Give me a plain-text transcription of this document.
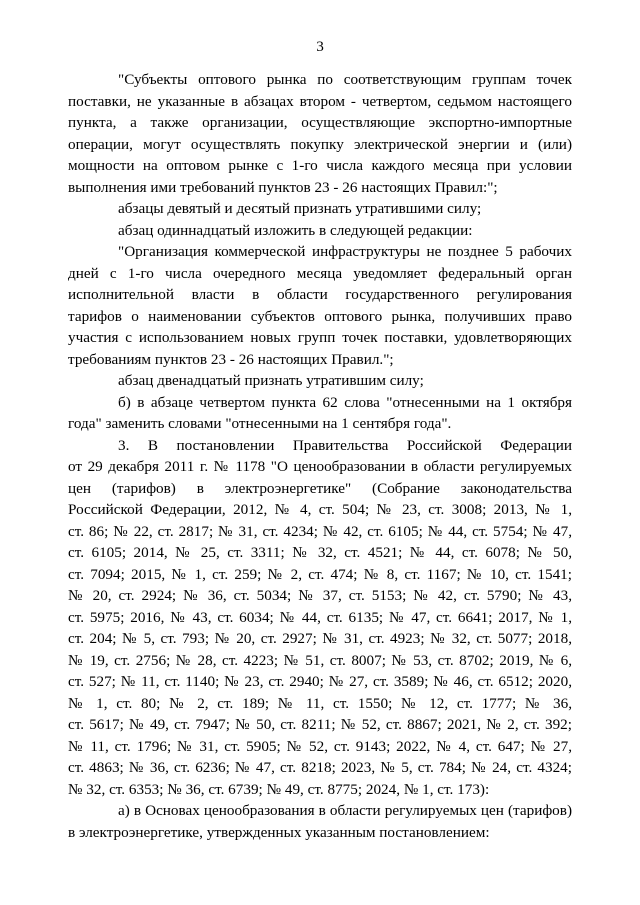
3
"Субъекты оптового рынка по соответствующим группам точек
поставки, не указанные в абзацах втором - четвертом, седьмом настоящего
пункта, а также организации, осуществляющие экспортно-импортные
операции, могут осуществлять покупку электрической энергии и (или)
мощности на оптовом рынке с 1-го числа каждого месяца при условии
выполнения ими требований пунктов 23 - 26 настоящих Правил:";
абзацы девятый и десятый признать утратившими силу;
абзац одиннадцатый изложить в следующей редакции:
"Организация коммерческой инфраструктуры не позднее 5 рабочих
дней с 1-го числа очередного месяца уведомляет федеральный орган
исполнительной власти в области государственного регулирования
тарифов о наименовании субъектов оптового рынка, получивших право
участия с использованием новых групп точек поставки, удовлетворяющих
требованиям пунктов 23 - 26 настоящих Правил.";
абзац двенадцатый признать утратившим силу;
б) в абзаце четвертом пункта 62 слова "отнесенными на 1 октября
года" заменить словами "отнесенными на 1 сентября года".
3. В постановлении Правительства Российской Федерации
от 29 декабря 2011 г. № 1178 "О ценообразовании в области регулируемых
цен (тарифов) в электроэнергетике" (Собрание законодательства
Российской Федерации, 2012, № 4, ст. 504; № 23, ст. 3008; 2013, № 1,
ст. 86; № 22, ст. 2817; № 31, ст. 4234; № 42, ст. 6105; № 44, ст. 5754; № 47,
ст. 6105; 2014, № 25, ст. 3311; № 32, ст. 4521; № 44, ст. 6078; № 50,
ст. 7094; 2015, № 1, ст. 259; № 2, ст. 474; № 8, ст. 1167; № 10, ст. 1541;
№ 20, ст. 2924; № 36, ст. 5034; № 37, ст. 5153; № 42, ст. 5790; № 43,
ст. 5975; 2016, № 43, ст. 6034; № 44, ст. 6135; № 47, ст. 6641; 2017, № 1,
ст. 204; № 5, ст. 793; № 20, ст. 2927; № 31, ст. 4923; № 32, ст. 5077; 2018,
№ 19, ст. 2756; № 28, ст. 4223; № 51, ст. 8007; № 53, ст. 8702; 2019, № 6,
ст. 527; № 11, ст. 1140; № 23, ст. 2940; № 27, ст. 3589; № 46, ст. 6512; 2020,
№ 1, ст. 80; № 2, ст. 189; № 11, ст. 1550; № 12, ст. 1777; № 36,
ст. 5617; № 49, ст. 7947; № 50, ст. 8211; № 52, ст. 8867; 2021, № 2, ст. 392;
№ 11, ст. 1796; № 31, ст. 5905; № 52, ст. 9143; 2022, № 4, ст. 647; № 27,
ст. 4863; № 36, ст. 6236; № 47, ст. 8218; 2023, № 5, ст. 784; № 24, ст. 4324;
№ 32, ст. 6353; № 36, ст. 6739; № 49, ст. 8775; 2024, № 1, ст. 173):
а) в Основах ценообразования в области регулируемых цен (тарифов)
в электроэнергетике, утвержденных указанным постановлением:
